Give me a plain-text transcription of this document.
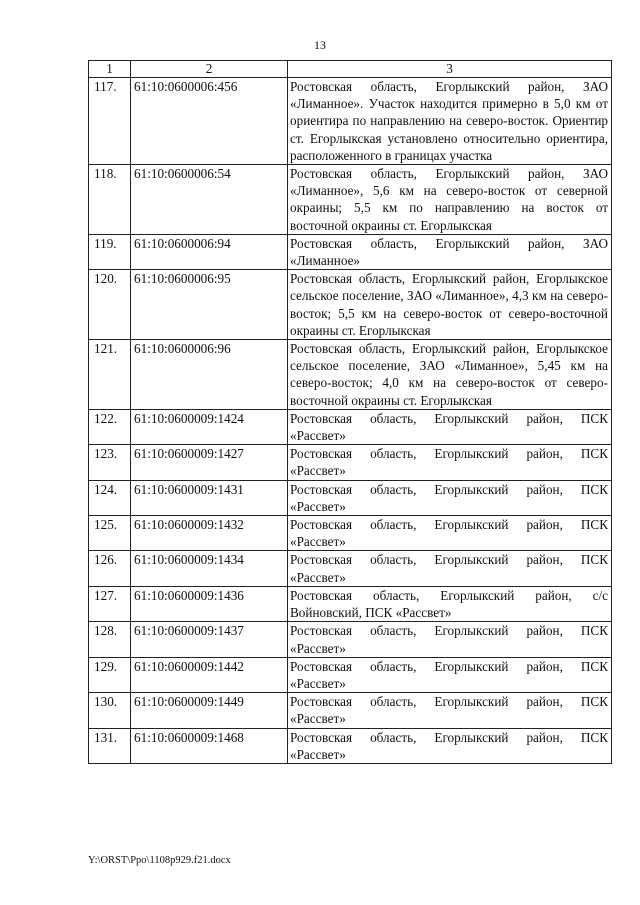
13
1	2	3
117.	61:10:0600006:456	Ростовская область, Егорлыкский район, ЗАО «Лиманное». Участок находится примерно в 5,0 км от ориентира по направлению на северо-восток. Ориентир ст. Егорлыкская установлено относительно ориентира, расположенного в границах участка
118.	61:10:0600006:54	Ростовская область, Егорлыкский район, ЗАО «Лиманное», 5,6 км на северо-восток от северной окраины; 5,5 км по направлению на восток от восточной окраины ст. Егорлыкская
119.	61:10:0600006:94	Ростовская область, Егорлыкский район, ЗАО «Лиманное»
120.	61:10:0600006:95	Ростовская область, Егорлыкский район, Егорлыкское сельское поселение, ЗАО «Лиманное», 4,3 км на северо-восток; 5,5 км на северо-восток от северо-восточной окраины ст. Егорлыкская
121.	61:10:0600006:96	Ростовская область, Егорлыкский район, Егорлыкское сельское поселение, ЗАО «Лиманное», 5,45 км на северо-восток; 4,0 км на северо-восток от северо-восточной окраины ст. Егорлыкская
122.	61:10:0600009:1424	Ростовская область, Егорлыкский район, ПСК «Рассвет»
123.	61:10:0600009:1427	Ростовская область, Егорлыкский район, ПСК «Рассвет»
124.	61:10:0600009:1431	Ростовская область, Егорлыкский район, ПСК «Рассвет»
125.	61:10:0600009:1432	Ростовская область, Егорлыкский район, ПСК «Рассвет»
126.	61:10:0600009:1434	Ростовская область, Егорлыкский район, ПСК «Рассвет»
127.	61:10:0600009:1436	Ростовская область, Егорлыкский район, с/с Войновский, ПСК «Рассвет»
128.	61:10:0600009:1437	Ростовская область, Егорлыкский район, ПСК «Рассвет»
129.	61:10:0600009:1442	Ростовская область, Егорлыкский район, ПСК «Рассвет»
130.	61:10:0600009:1449	Ростовская область, Егорлыкский район, ПСК «Рассвет»
131.	61:10:0600009:1468	Ростовская область, Егорлыкский район, ПСК «Рассвет»
Y:\ORST\Ppo\1108p929.f21.docx
